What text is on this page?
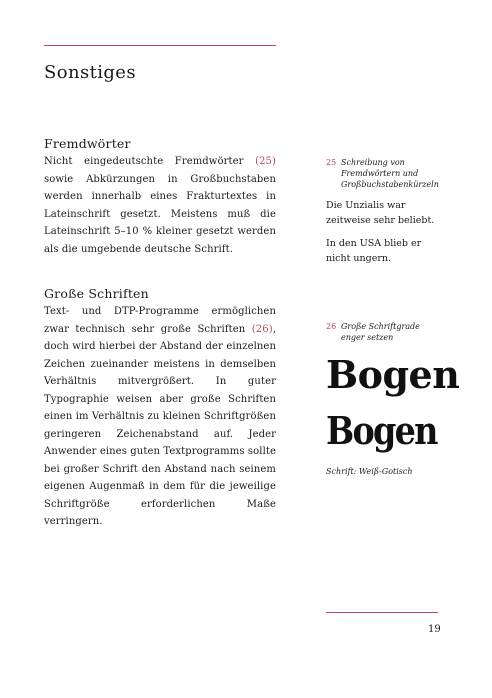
Sonstiges
Fremdwörter

Nicht eingedeutschte Fremdwörter (25) sowie Abkürzungen in Großbuchstaben werden innerhalb eines Frakturtextes in Lateinschrift gesetzt. Meistens muß die Lateinschrift 5–10 % kleiner gesetzt werden als die umgebende deutsche Schrift.

Große Schriften

Text- und DTP-Programme ermöglichen zwar technisch sehr große Schriften (26), doch wird hierbei der Abstand der einzelnen Zeichen zueinander meistens in demselben Verhältnis mitvergrößert. In guter Typographie weisen aber große Schriften einen im Verhältnis zu kleinen Schriftgrößen geringeren Zeichenabstand auf. Jeder Anwender eines guten Textprogramms sollte bei großer Schrift den Abstand nach seinem eigenen Augenmaß in dem für die jeweilige Schriftgröße erforderlichen Maße verringern.

25 Schreibung von Fremdwörtern und Großbuchstabenkürzeln

Die Unzialis war zeitweise sehr beliebt.

In den USA blieb er nicht ungern.

26 Große Schriftgrade enger setzen
Bogen
Bogen
Schrift: Weiß-Gotisch
19
